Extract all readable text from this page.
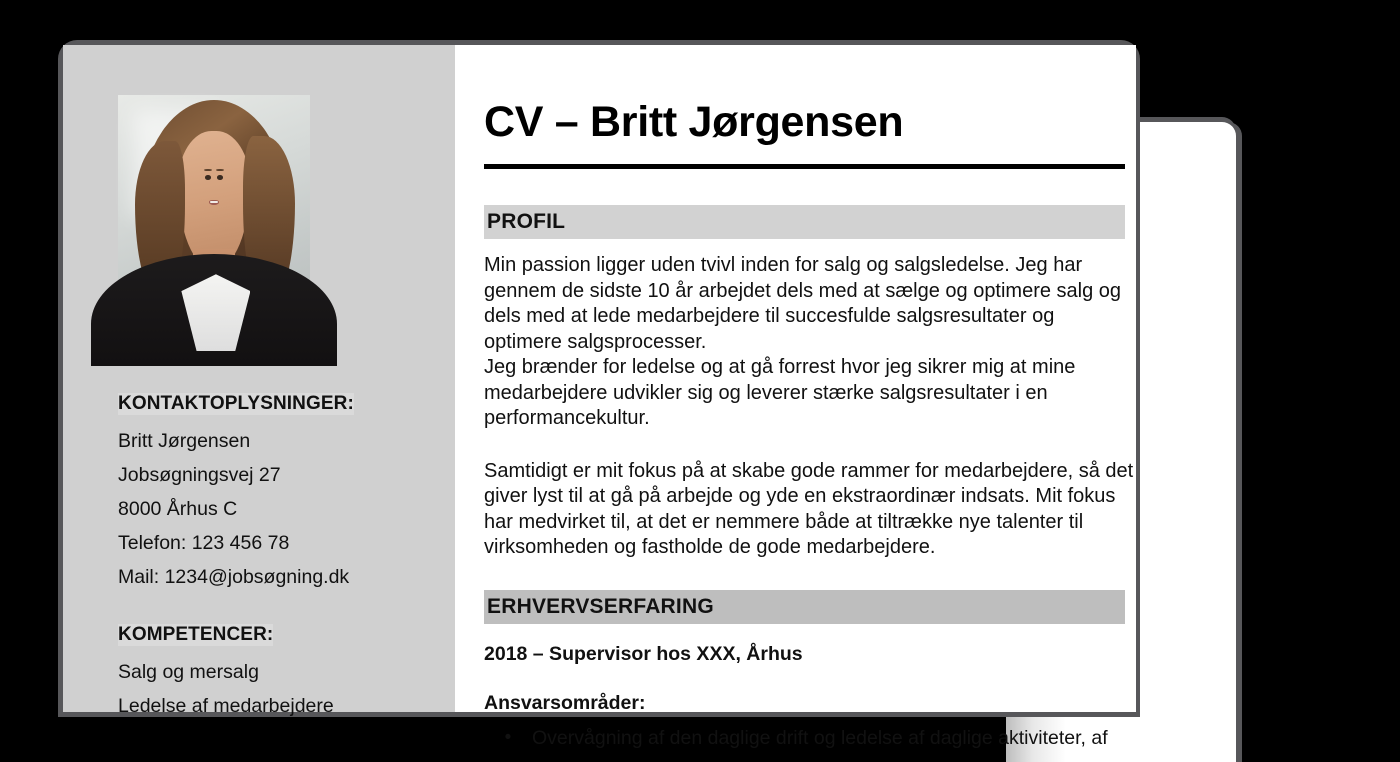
KONTAKTOPLYSNINGER:
Britt Jørgensen
Jobsøgningsvej 27
8000 Århus C
Telefon: 123 456 78
Mail: 1234@jobsøgning.dk
KOMPETENCER:
Salg og mersalg
Ledelse af medarbejdere
CV – Britt Jørgensen
PROFIL
Min passion ligger uden tvivl inden for salg og salgsledelse. Jeg har gennem de sidste 10 år arbejdet dels med at sælge og optimere salg og dels med at lede medarbejdere til succesfulde salgsresultater og optimere salgsprocesser.
Jeg brænder for ledelse og at gå forrest hvor jeg sikrer mig at mine medarbejdere udvikler sig og leverer stærke salgsresultater i en performancekultur.
Samtidigt er mit fokus på at skabe gode rammer for medarbejdere, så det giver lyst til at gå på arbejde og yde en ekstraordinær indsats. Mit fokus har medvirket til, at det er nemmere både at tiltrække nye talenter til virksomheden og fastholde de gode medarbejdere.
ERHVERVSERFARING
2018 – Supervisor hos XXX, Århus
Ansvarsområder:
•	Overvågning af den daglige drift og ledelse af daglige aktiviteter, af
